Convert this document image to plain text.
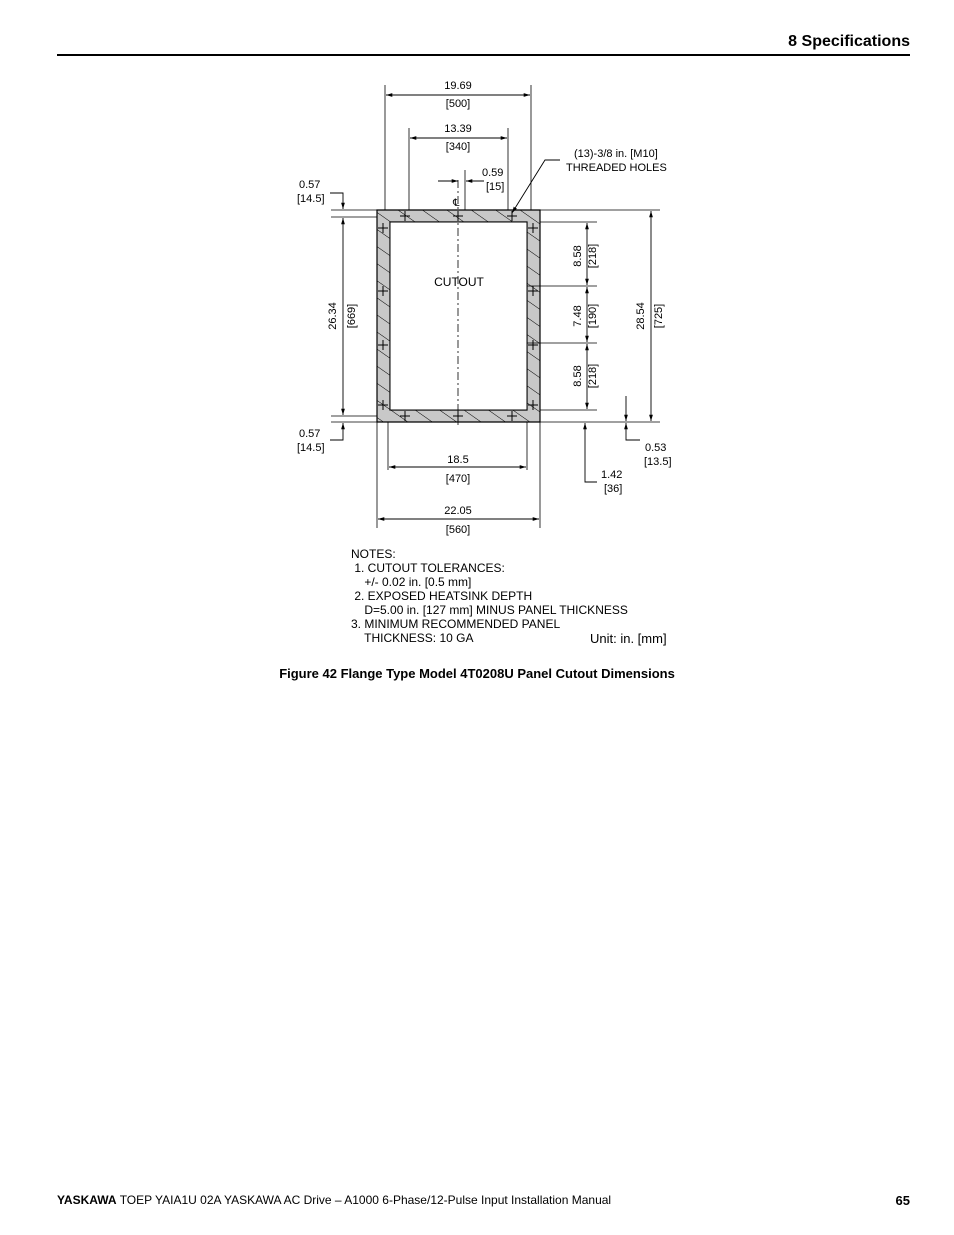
8 Specifications
19.69
[500]
13.39
[340]
℄
0.59
[15]
(13)-3/8 in. [M10]
THREADED HOLES
0.57
[14.5]
0.57
[14.5]
CUTOUT
26.34 [669]
8.58 [218]
7.48 [190]
8.58 [218]
28.54 [725]
0.53
[13.5]
1.42
[36]
18.5
[470]
22.05
[560]
NOTES:
1. CUTOUT TOLERANCES:
+/- 0.02 in. [0.5 mm]
2. EXPOSED HEATSINK DEPTH
D=5.00 in. [127 mm] MINUS PANEL THICKNESS
3. MINIMUM RECOMMENDED PANEL
THICKNESS: 10 GA	Unit: in. [mm]
Figure 42 Flange Type Model 4T0208U Panel Cutout Dimensions
YASKAWA TOEP YAIA1U 02A YASKAWA AC Drive – A1000 6-Phase/12-Pulse Input Installation Manual	65
